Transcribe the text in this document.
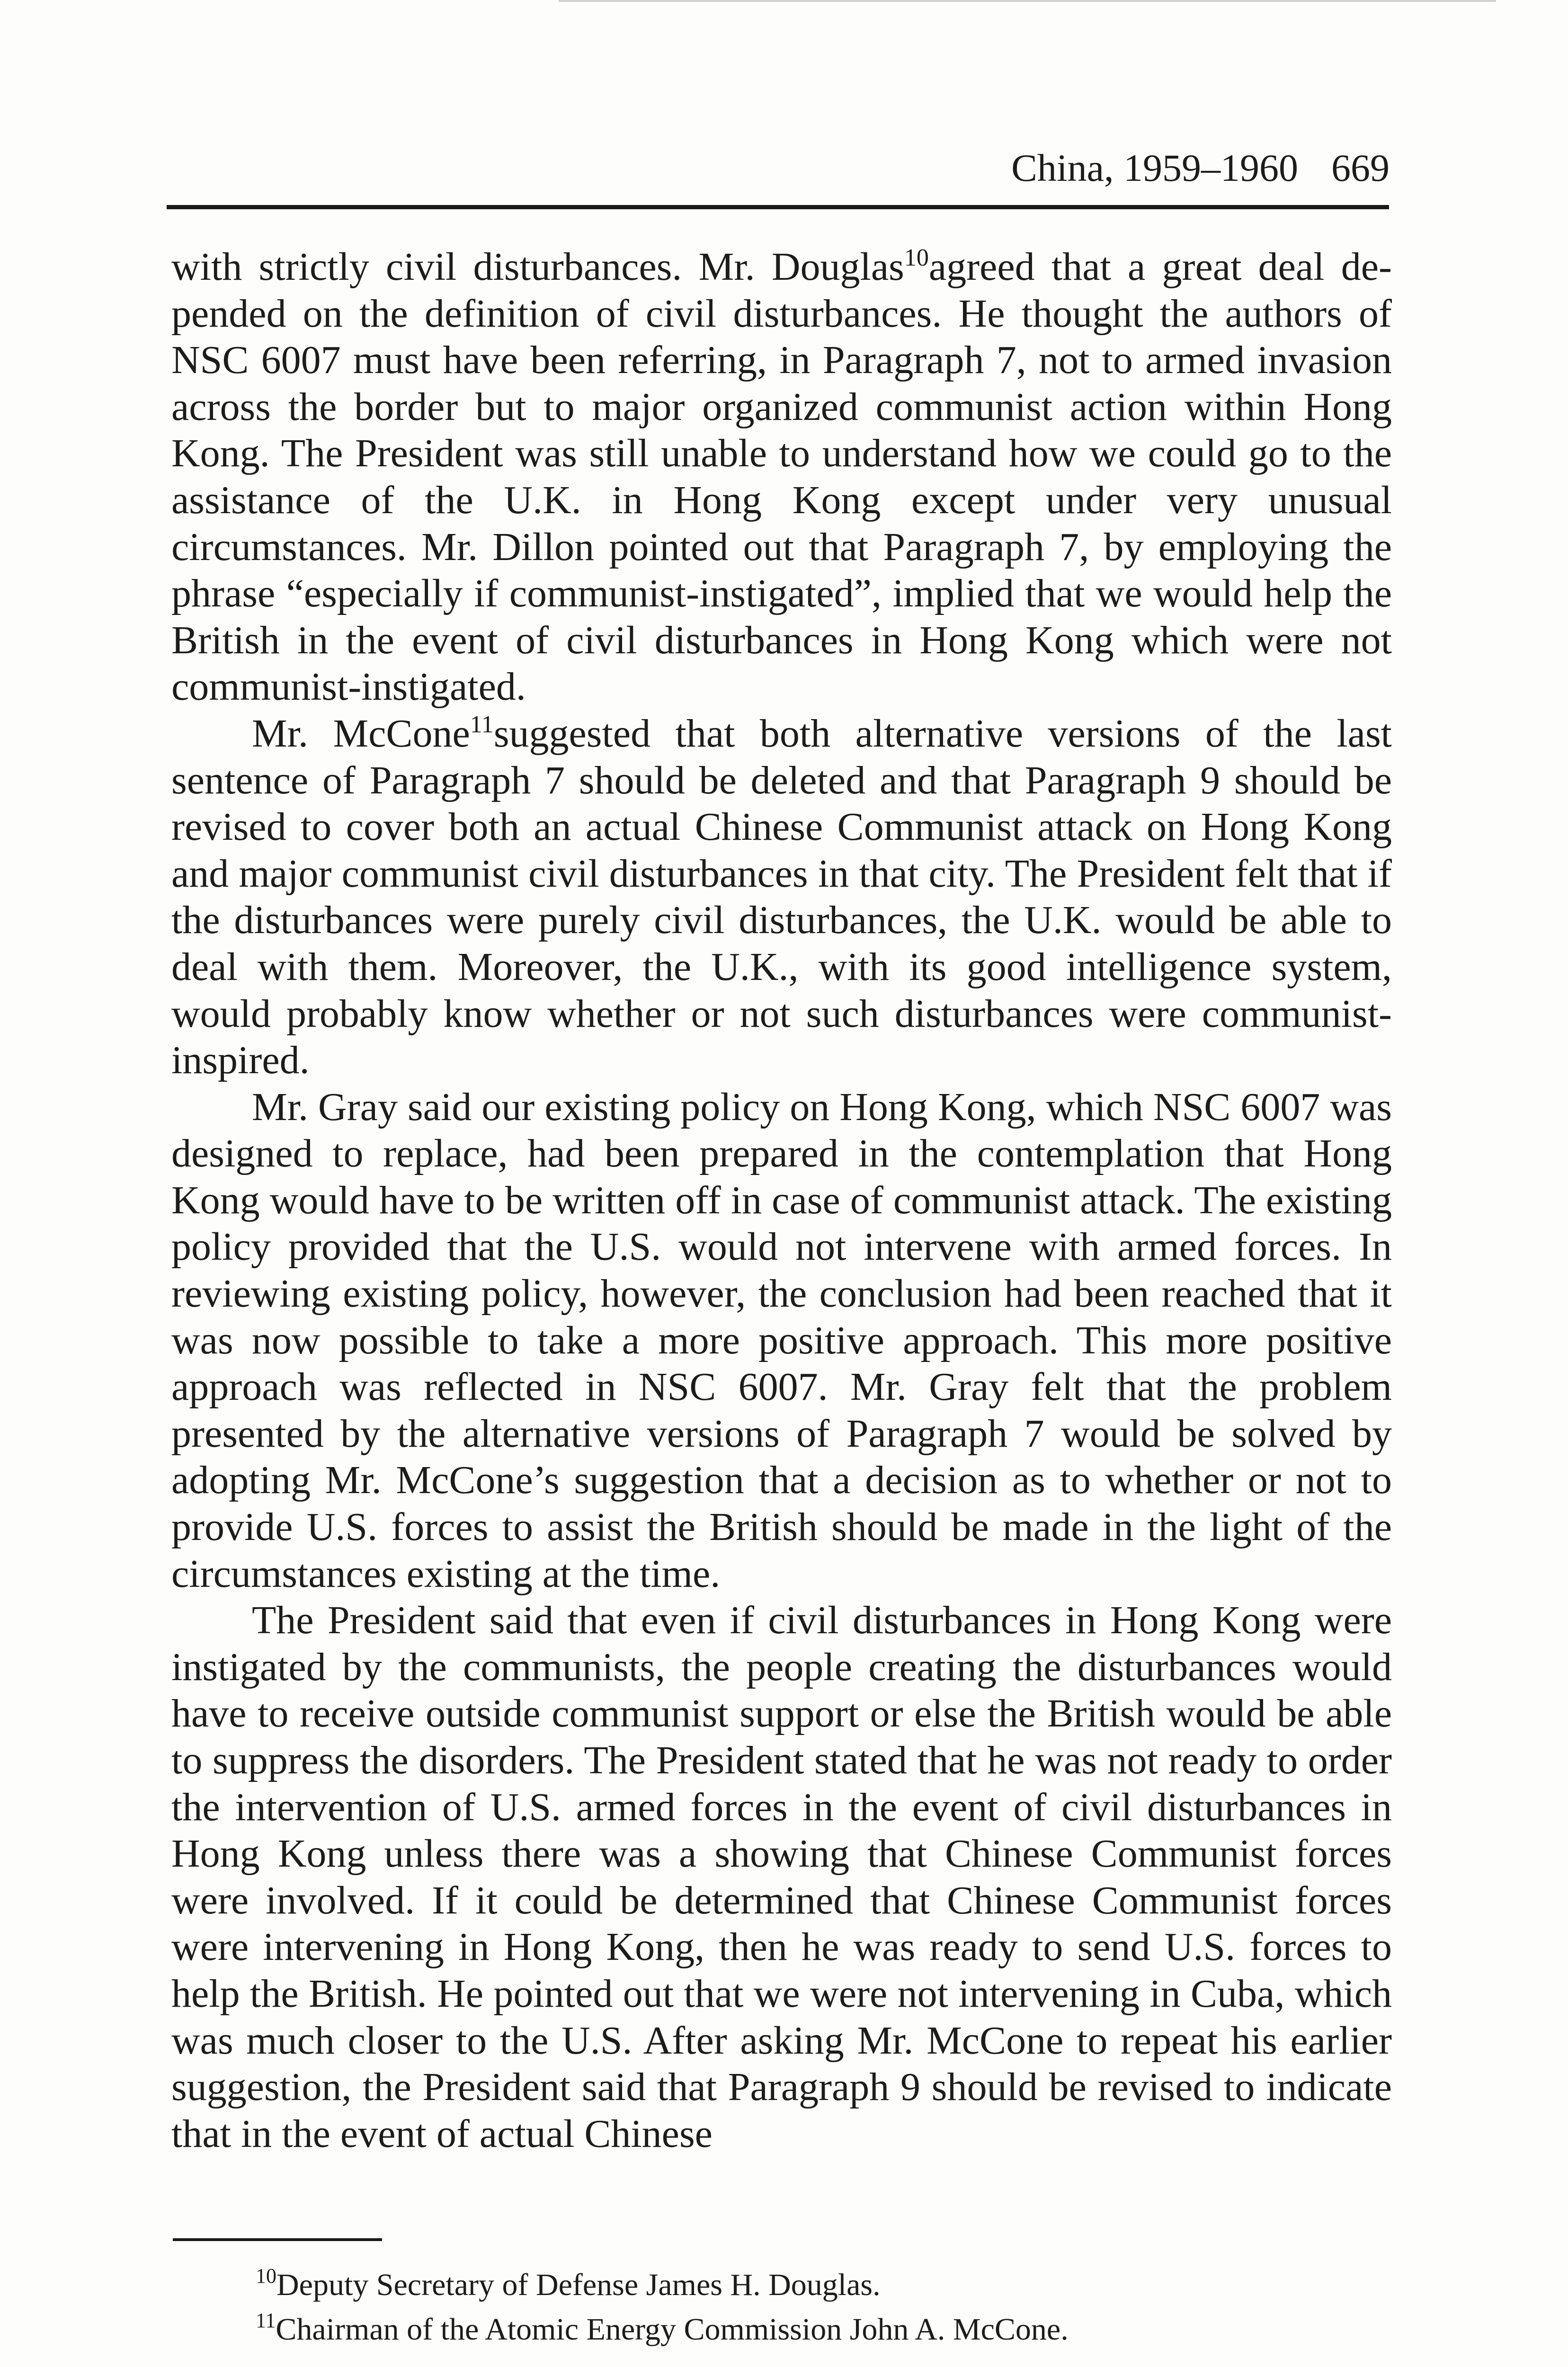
China, 1959–1960 669

with strictly civil disturbances. Mr. Douglas$^{10}$agreed that a great deal depended on the definition of civil disturbances. He thought the authors of NSC 6007 must have been referring, in Paragraph 7, not to armed invasion across the border but to major organized communist action within Hong Kong. The President was still unable to understand how we could go to the assistance of the U.K. in Hong Kong except under very unusual circumstances. Mr. Dillon pointed out that Paragraph 7, by employing the phrase “especially if communist-instigated”, implied that we would help the British in the event of civil disturbances in Hong Kong which were not communist-instigated.

Mr. McCone$^{11}$suggested that both alternative versions of the last sentence of Paragraph 7 should be deleted and that Paragraph 9 should be revised to cover both an actual Chinese Communist attack on Hong Kong and major communist civil disturbances in that city. The President felt that if the disturbances were purely civil disturbances, the U.K. would be able to deal with them. Moreover, the U.K., with its good intelligence system, would probably know whether or not such disturbances were communist-inspired.

Mr. Gray said our existing policy on Hong Kong, which NSC 6007 was designed to replace, had been prepared in the contemplation that Hong Kong would have to be written off in case of communist attack. The existing policy provided that the U.S. would not intervene with armed forces. In reviewing existing policy, however, the conclusion had been reached that it was now possible to take a more positive approach. This more positive approach was reflected in NSC 6007. Mr. Gray felt that the problem presented by the alternative versions of Paragraph 7 would be solved by adopting Mr. McCone’s suggestion that a decision as to whether or not to provide U.S. forces to assist the British should be made in the light of the circumstances existing at the time.

The President said that even if civil disturbances in Hong Kong were instigated by the communists, the people creating the disturbances would have to receive outside communist support or else the British would be able to suppress the disorders. The President stated that he was not ready to order the intervention of U.S. armed forces in the event of civil disturbances in Hong Kong unless there was a showing that Chinese Communist forces were involved. If it could be determined that Chinese Communist forces were intervening in Hong Kong, then he was ready to send U.S. forces to help the British. He pointed out that we were not intervening in Cuba, which was much closer to the U.S. After asking Mr. McCone to repeat his earlier suggestion, the President said that Paragraph 9 should be revised to indicate that in the event of actual Chinese

$^{10}$Deputy Secretary of Defense James H. Douglas.

$^{11}$Chairman of the Atomic Energy Commission John A. McCone.
